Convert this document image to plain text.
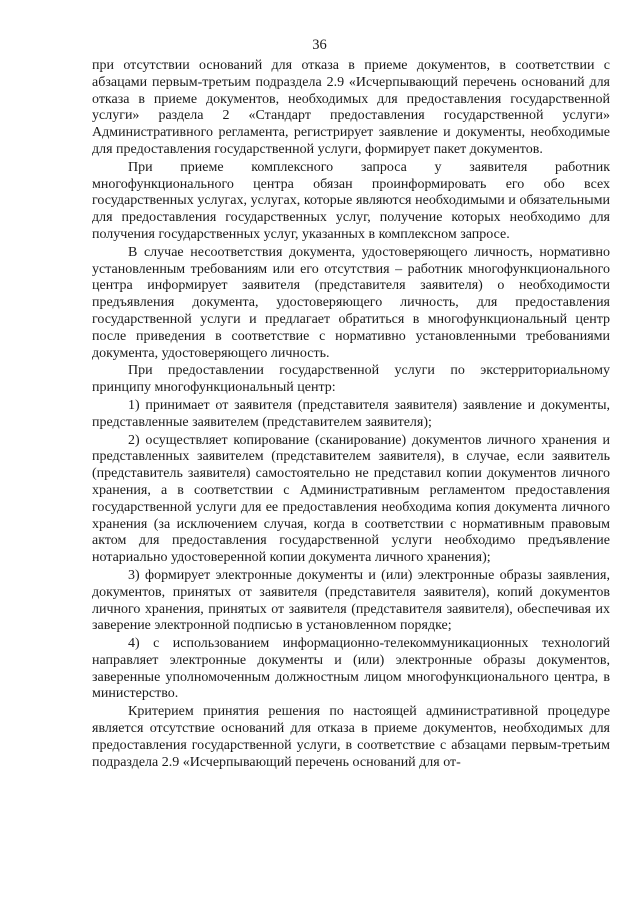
36

при отсутствии оснований для отказа в приеме документов, в соответствии с абзацами первым-третьим подраздела 2.9 «Исчерпывающий перечень оснований для отказа в приеме документов, необходимых для предоставления государственной услуги» раздела 2 «Стандарт предоставления государственной услуги» Административного регламента, регистрирует заявление и документы, необходимые для предоставления государственной услуги, формирует пакет документов.

При приеме комплексного запроса у заявителя работник многофункционального центра обязан проинформировать его обо всех государственных услугах, услугах, которые являются необходимыми и обязательными для предоставления государственных услуг, получение которых необходимо для получения государственных услуг, указанных в комплексном запросе.

В случае несоответствия документа, удостоверяющего личность, нормативно установленным требованиям или его отсутствия – работник многофункционального центра информирует заявителя (представителя заявителя) о необходимости предъявления документа, удостоверяющего личность, для предоставления государственной услуги и предлагает обратиться в многофункциональный центр после приведения в соответствие с нормативно установленными требованиями документа, удостоверяющего личность.

При предоставлении государственной услуги по экстерриториальному принципу многофункциональный центр:

1) принимает от заявителя (представителя заявителя) заявление и документы, представленные заявителем (представителем заявителя);

2) осуществляет копирование (сканирование) документов личного хранения и представленных заявителем (представителем заявителя), в случае, если заявитель (представитель заявителя) самостоятельно не представил копии документов личного хранения, а в соответствии с Административным регламентом предоставления государственной услуги для ее предоставления необходима копия документа личного хранения (за исключением случая, когда в соответствии с нормативным правовым актом для предоставления государственной услуги необходимо предъявление нотариально удостоверенной копии документа личного хранения);

3) формирует электронные документы и (или) электронные образы заявления, документов, принятых от заявителя (представителя заявителя), копий документов личного хранения, принятых от заявителя (представителя заявителя), обеспечивая их заверение электронной подписью в установленном порядке;

4) с использованием информационно-телекоммуникационных технологий направляет электронные документы и (или) электронные образы документов, заверенные уполномоченным должностным лицом многофункционального центра, в министерство.

Критерием принятия решения по настоящей административной процедуре является отсутствие оснований для отказа в приеме документов, необходимых для предоставления государственной услуги, в соответствие с абзацами первым-третьим подраздела 2.9 «Исчерпывающий перечень оснований для от-
